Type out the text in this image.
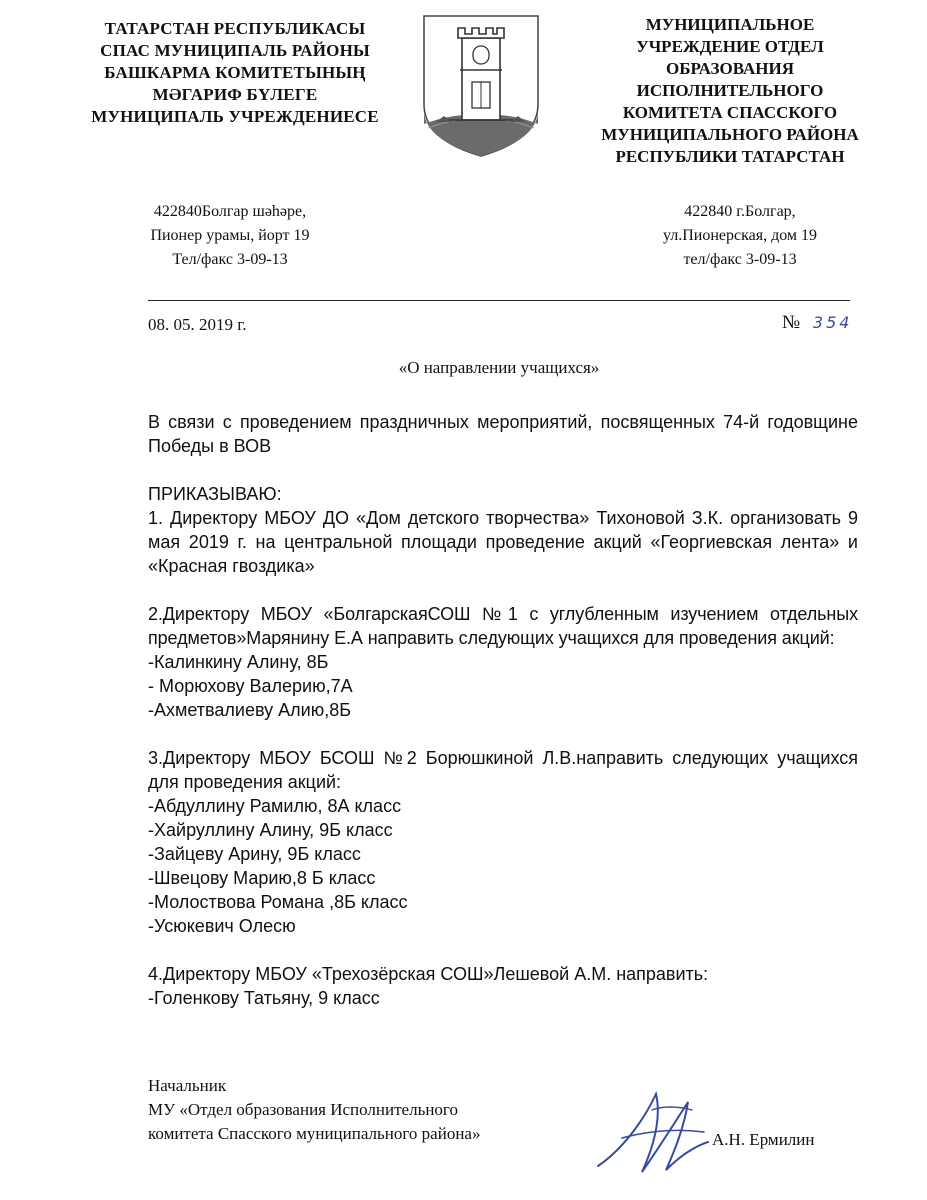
ТАТАРСТАН РЕСПУБЛИКАСЫ
СПАС МУНИЦИПАЛЬ РАЙОНЫ
БАШКАРМА КОМИТЕТЫНЫҢ
МӘГАРИФ БҮЛЕГЕ
МУНИЦИПАЛЬ УЧРЕЖДЕНИЕСЕ
МУНИЦИПАЛЬНОЕ
УЧРЕЖДЕНИЕ ОТДЕЛ
ОБРАЗОВАНИЯ
ИСПОЛНИТЕЛЬНОГО
КОМИТЕТА СПАССКОГО
МУНИЦИПАЛЬНОГО РАЙОНА
РЕСПУБЛИКИ ТАТАРСТАН
422840Болгар шәһәре,
Пионер урамы, йорт 19
Тел/факс 3-09-13
422840 г.Болгар,
ул.Пионерская, дом 19
тел/факс 3-09-13
08. 05. 2019 г.	№ 354
«О направлении учащихся»

В связи с проведением праздничных мероприятий, посвященных 74-й годовщине Победы в ВОВ

ПРИКАЗЫВАЮ:

1. Директору МБОУ ДО «Дом детского творчества» Тихоновой З.К. организовать 9 мая 2019 г. на центральной площади проведение акций «Георгиевская лента» и «Красная гвоздика»

2.Директору МБОУ «БолгарскаяСОШ №1 с углубленным изучением отдельных предметов»Марянину Е.А направить следующих учащихся для проведения акций:

-Калинкину Алину, 8Б

- Морюхову Валерию,7А

-Ахметвалиеву Алию,8Б

3.Директору МБОУ БСОШ №2 Борюшкиной Л.В.направить следующих учащихся для проведения акций:

-Абдуллину Рамилю, 8А класс

-Хайруллину Алину, 9Б класс

-Зайцеву Арину, 9Б класс

-Швецову Марию,8 Б класс

-Молоствова Романа ,8Б класс

-Усюкевич Олесю

4.Директору МБОУ «Трехозёрская СОШ»Лешевой А.М. направить:

-Голенкову Татьяну, 9 класс

Начальник
МУ «Отдел образования Исполнительного
комитета Спасского муниципального района»	А.Н. Ермилин
